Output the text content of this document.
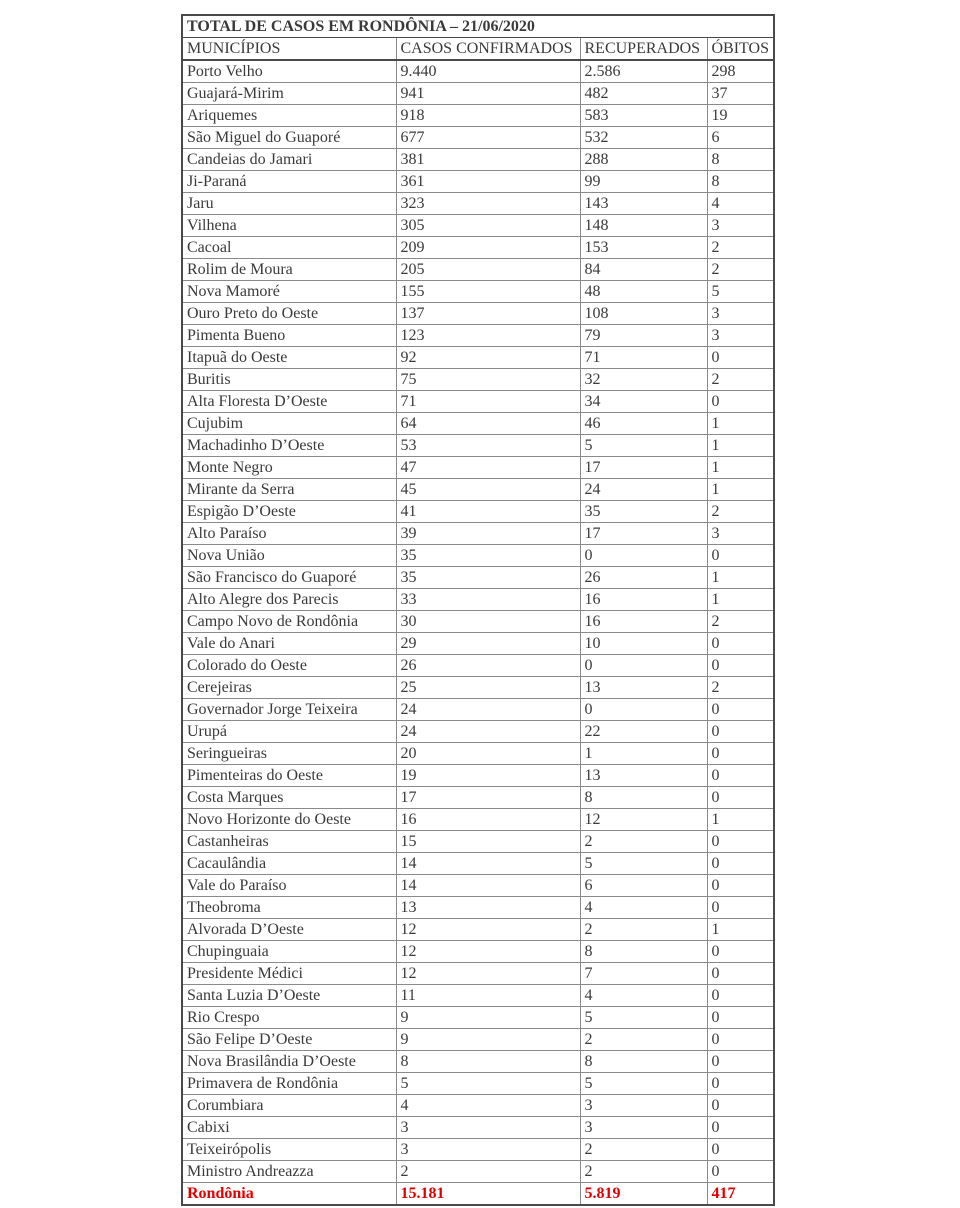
TOTAL DE CASOS EM RONDÔNIA – 21/06/2020			
MUNICÍPIOS	CASOS CONFIRMADOS	RECUPERADOS	ÓBITOS
Porto Velho	9.440	2.586	298
Guajará-Mirim	941	482	37
Ariquemes	918	583	19
São Miguel do Guaporé	677	532	6
Candeias do Jamari	381	288	8
Ji-Paraná	361	99	8
Jaru	323	143	4
Vilhena	305	148	3
Cacoal	209	153	2
Rolim de Moura	205	84	2
Nova Mamoré	155	48	5
Ouro Preto do Oeste	137	108	3
Pimenta Bueno	123	79	3
Itapuã do Oeste	92	71	0
Buritis	75	32	2
Alta Floresta D’Oeste	71	34	0
Cujubim	64	46	1
Machadinho D’Oeste	53	5	1
Monte Negro	47	17	1
Mirante da Serra	45	24	1
Espigão D’Oeste	41	35	2
Alto Paraíso	39	17	3
Nova União	35	0	0
São Francisco do Guaporé	35	26	1
Alto Alegre dos Parecis	33	16	1
Campo Novo de Rondônia	30	16	2
Vale do Anari	29	10	0
Colorado do Oeste	26	0	0
Cerejeiras	25	13	2
Governador Jorge Teixeira	24	0	0
Urupá	24	22	0
Seringueiras	20	1	0
Pimenteiras do Oeste	19	13	0
Costa Marques	17	8	0
Novo Horizonte do Oeste	16	12	1
Castanheiras	15	2	0
Cacaulândia	14	5	0
Vale do Paraíso	14	6	0
Theobroma	13	4	0
Alvorada D’Oeste	12	2	1
Chupinguaia	12	8	0
Presidente Médici	12	7	0
Santa Luzia D’Oeste	11	4	0
Rio Crespo	9	5	0
São Felipe D’Oeste	9	2	0
Nova Brasilândia D’Oeste	8	8	0
Primavera de Rondônia	5	5	0
Corumbiara	4	3	0
Cabixi	3	3	0
Teixeirópolis	3	2	0
Ministro Andreazza	2	2	0
Rondônia	15.181	5.819	417
